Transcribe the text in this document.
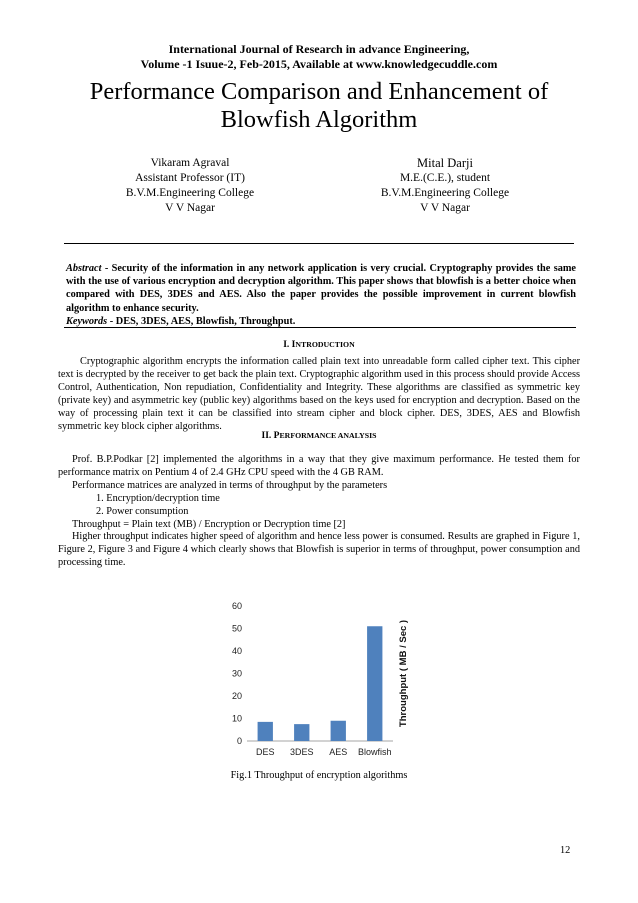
International Journal of Research in advance Engineering,
Volume -1 Isuue-2, Feb-2015, Available at www.knowledgecuddle.com
Performance Comparison and Enhancement of
Blowfish Algorithm
Vikaram Agraval
Assistant Professor (IT)
B.V.M.Engineering College
V V Nagar
Mital Darji
M.E.(C.E.), student
B.V.M.Engineering College
V V Nagar
Abstract - Security of the information in any network application is very crucial. Cryptography provides the same with the use of various encryption and decryption algorithm. This paper shows that blowfish is a better choice when compared with DES, 3DES and AES. Also the paper provides the possible improvement in current blowfish algorithm to enhance security.
Keywords - DES, 3DES, AES, Blowfish, Throughput.
I. INTRODUCTION
Cryptographic algorithm encrypts the information called plain text into unreadable form called cipher text. This cipher text is decrypted by the receiver to get back the plain text. Cryptographic algorithm used in this process should provide Access Control, Authentication, Non repudiation, Confidentiality and Integrity. These algorithms are classified as symmetric key (private key) and asymmetric key (public key) algorithms based on the keys used for encryption and decryption. Based on the way of processing plain text it can be classified into stream cipher and block cipher. DES, 3DES, AES and Blowfish symmetric key block cipher algorithms.
II. PERFORMANCE ANALYSIS
Prof. B.P.Podkar [2] implemented the algorithms in a way that they give maximum performance. He tested them for performance matrix on Pentium 4 of 2.4 GHz CPU speed with the 4 GB RAM.
Performance matrices are analyzed in terms of throughput by the parameters
1. Encryption/decryption time
2. Power consumption
Throughput = Plain text (MB) / Encryption or Decryption time [2]
Higher throughput indicates higher speed of algorithm and hence less power is consumed. Results are graphed in Figure 1, Figure 2, Figure 3 and Figure 4 which clearly shows that Blowfish is superior in terms of throughput, power consumption and processing time.
0
10
20
30
40
50
60
DES 3DES AES Blowfish
Throughput ( MB / Sec )
Fig.1 Throughput of encryption algorithms
12
